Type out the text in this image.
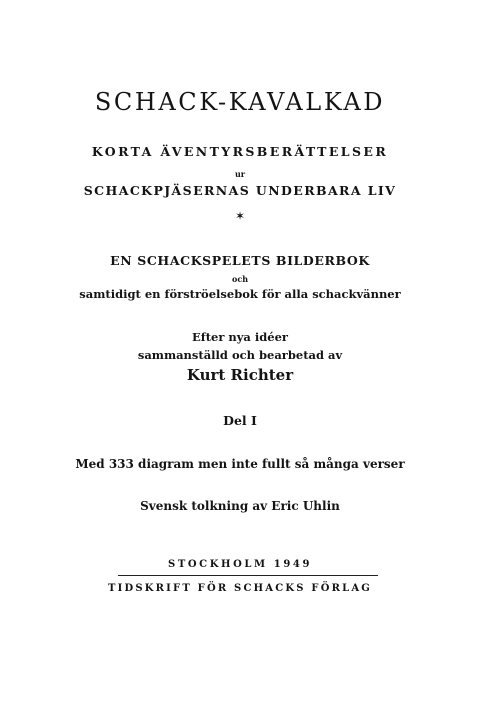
SCHACK-KAVALKAD
KORTA ÄVENTYRSBERÄTTELSER
ur
SCHACKPJÄSERNAS UNDERBARA LIV
✶
EN SCHACKSPELETS BILDERBOK
och
samtidigt en förströelsebok för alla schackvänner
Efter nya idéer
sammanställd och bearbetad av
Kurt Richter
Del I
Med 333 diagram men inte fullt så många verser
Svensk tolkning av Eric Uhlin
STOCKHOLM 1949
TIDSKRIFT FÖR SCHACKS FÖRLAG
